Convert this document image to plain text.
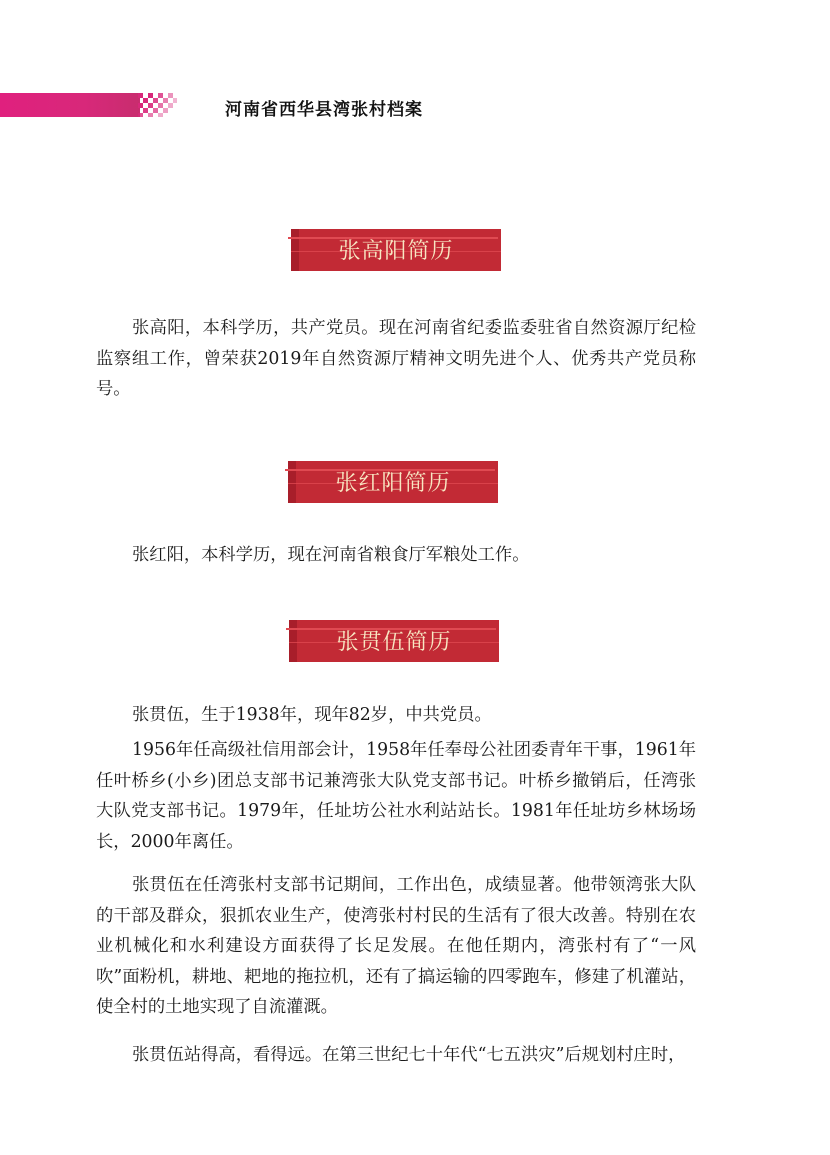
河南省西华县湾张村档案
张高阳简历

张高阳，本科学历，共产党员。现在河南省纪委监委驻省自然资源厅纪检监察组工作，曾荣获2019年自然资源厅精神文明先进个人、优秀共产党员称号。

张红阳简历

张红阳，本科学历，现在河南省粮食厅军粮处工作。

张贯伍简历

张贯伍，生于1938年，现年82岁，中共党员。

1956年任高级社信用部会计，1958年任奉母公社团委青年干事，1961年任叶桥乡(小乡)团总支部书记兼湾张大队党支部书记。叶桥乡撤销后，任湾张大队党支部书记。1979年，任址坊公社水利站站长。1981年任址坊乡林场场长，2000年离任。

张贯伍在任湾张村支部书记期间，工作出色，成绩显著。他带领湾张大队的干部及群众，狠抓农业生产，使湾张村村民的生活有了很大改善。特别在农业机械化和水利建设方面获得了长足发展。在他任期内，湾张村有了“一风吹”面粉机，耕地、耙地的拖拉机，还有了搞运输的四零跑车，修建了机灌站，使全村的土地实现了自流灌溉。

张贯伍站得高，看得远。在第三世纪七十年代“七五洪灾”后规划村庄时，
